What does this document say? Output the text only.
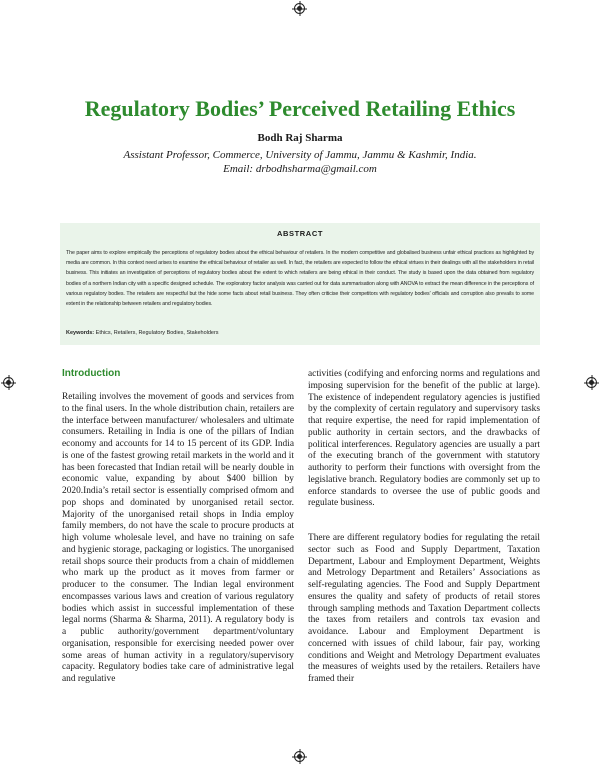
Regulatory Bodies’ Perceived Retailing Ethics

Bodh Raj Sharma

Assistant Professor, Commerce, University of Jammu, Jammu & Kashmir, India.

Email: drbodhsharma@gmail.com

ABSTRACT

The paper aims to explore empirically the perceptions of regulatory bodies about the ethical behaviour of retailers. In the modern competitive and globalised business unfair ethical practices as highlighted by media are common. In this context need arises to examine the ethical behaviour of retailer as well. In fact, the retailers are expected to follow the ethical virtues in their dealings with all the stakeholders in retail business. This initiates an investigation of perceptions of regulatory bodies about the extent to which retailers are being ethical in their conduct. The study is based upon the data obtained from regulatory bodies of a northern Indian city with a specific designed schedule. The exploratory factor analysis was carried out for data summarisation along with ANOVA to extract the mean difference in the perceptions of various regulatory bodies. The retailers are respectful but the hide some facts about retail business. They often criticise their competitors with regulatory bodies' officials and corruption also prevails to some extent in the relationship between retailers and regulatory bodies.

Keywords: Ethics, Retailers, Regulatory Bodies, Stakeholders

Introduction

Retailing involves the movement of goods and services from to the final users. In the whole distribution chain, retailers are the interface between manufacturer/ wholesalers and ultimate consumers. Retailing in India is one of the pillars of Indian economy and accounts for 14 to 15 percent of its GDP. India is one of the fastest growing retail markets in the world and it has been forecasted that Indian retail will be nearly double in economic value, expanding by about $400 billion by 2020.India’s retail sector is essentially comprised ofmom and pop shops and dominated by unorganised retail sector. Majority of the unorganised retail shops in India employ family members, do not have the scale to procure products at high volume wholesale level, and have no training on safe and hygienic storage, packaging or logistics. The unorganised retail shops source their products from a chain of middlemen who mark up the product as it moves from farmer or producer to the consumer. The Indian legal environment encompasses various laws and creation of various regulatory bodies which assist in successful implementation of these legal norms (Sharma & Sharma, 2011). A regulatory body is a public authority/government department/voluntary organisation, responsible for exercising needed power over some areas of human activity in a regulatory/supervisory capacity. Regulatory bodies take care of administrative legal and regulative

activities (codifying and enforcing norms and regulations and imposing supervision for the benefit of the public at large). The existence of independent regulatory agencies is justified by the complexity of certain regulatory and supervisory tasks that require expertise, the need for rapid implementation of public authority in certain sectors, and the drawbacks of political interferences. Regulatory agencies are usually a part of the executing branch of the government with statutory authority to perform their functions with oversight from the legislative branch. Regulatory bodies are commonly set up to enforce standards to oversee the use of public goods and regulate business.

There are different regulatory bodies for regulating the retail sector such as Food and Supply Department, Taxation Department, Labour and Employment Department, Weights and Metrology Department and Retailers’ Associations as self-regulating agencies. The Food and Supply Department ensures the quality and safety of products of retail stores through sampling methods and Taxation Department collects the taxes from retailers and controls tax evasion and avoidance. Labour and Employment Department is concerned with issues of child labour, fair pay, working conditions and Weight and Metrology Department evaluates the measures of weights used by the retailers. Retailers have framed their
